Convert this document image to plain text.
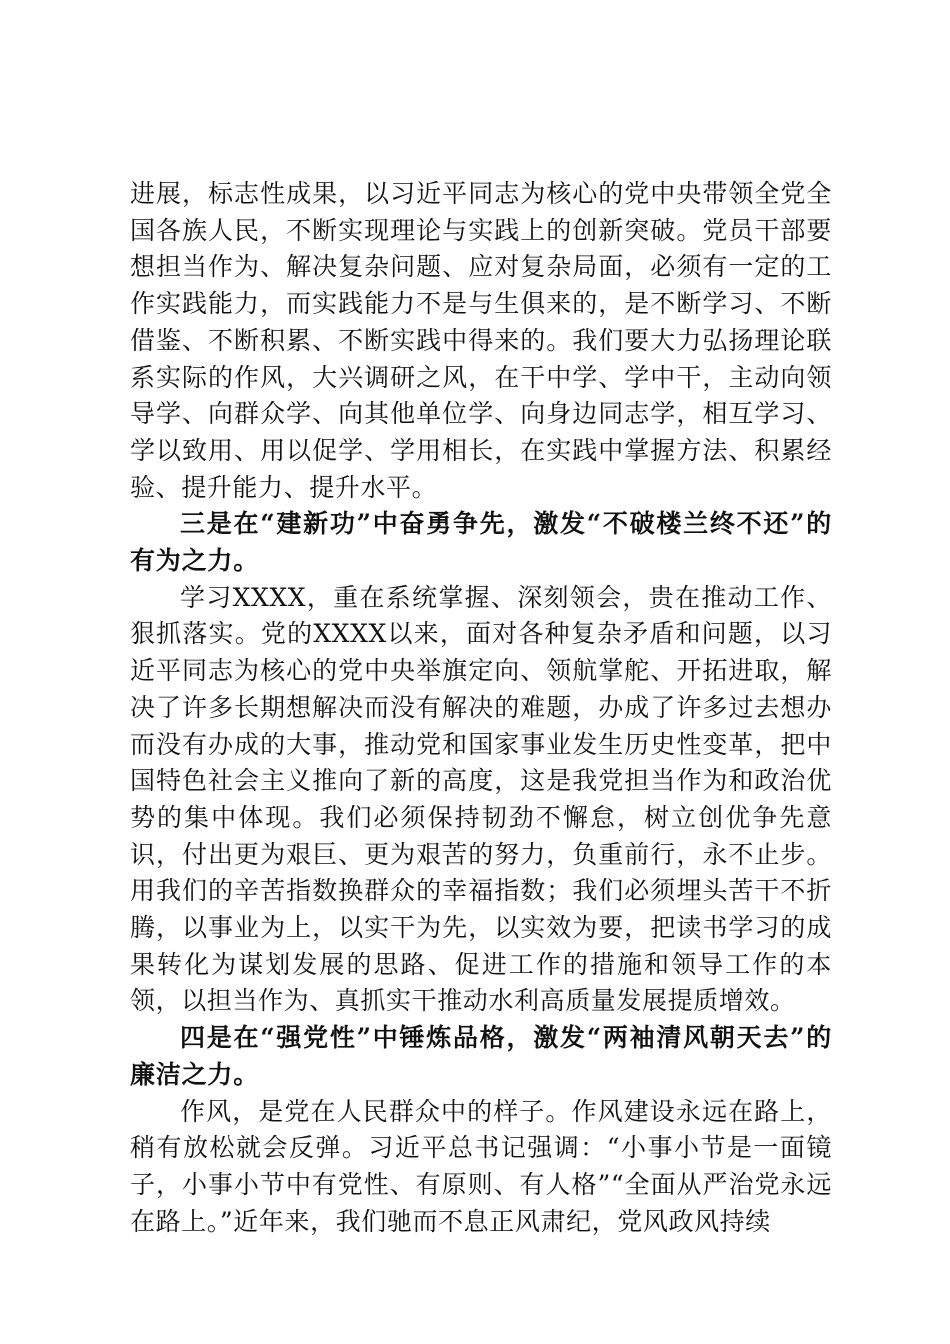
进展，标志性成果，以习近平同志为核心的党中央带领全党全国各族人民，不断实现理论与实践上的创新突破。党员干部要想担当作为、解决复杂问题、应对复杂局面，必须有一定的工作实践能力，而实践能力不是与生俱来的，是不断学习、不断借鉴、不断积累、不断实践中得来的。我们要大力弘扬理论联系实际的作风，大兴调研之风，在干中学、学中干，主动向领导学、向群众学、向其他单位学、向身边同志学，相互学习、学以致用、用以促学、学用相长，在实践中掌握方法、积累经验、提升能力、提升水平。

三是在“建新功”中奋勇争先，激发“不破楼兰终不还”的有为之力。

学习XXXX，重在系统掌握、深刻领会，贵在推动工作、狠抓落实。党的XXXX以来，面对各种复杂矛盾和问题，以习近平同志为核心的党中央举旗定向、领航掌舵、开拓进取，解决了许多长期想解决而没有解决的难题，办成了许多过去想办而没有办成的大事，推动党和国家事业发生历史性变革，把中国特色社会主义推向了新的高度，这是我党担当作为和政治优势的集中体现。我们必须保持韧劲不懈怠，树立创优争先意识，付出更为艰巨、更为艰苦的努力，负重前行，永不止步。用我们的辛苦指数换群众的幸福指数；我们必须埋头苦干不折腾，以事业为上，以实干为先，以实效为要，把读书学习的成果转化为谋划发展的思路、促进工作的措施和领导工作的本领，以担当作为、真抓实干推动水利高质量发展提质增效。

四是在“强党性”中锤炼品格，激发“两袖清风朝天去”的廉洁之力。

作风，是党在人民群众中的样子。作风建设永远在路上，稍有放松就会反弹。习近平总书记强调：“小事小节是一面镜子，小事小节中有党性、有原则、有人格”“全面从严治党永远在路上。”近年来，我们驰而不息正风肃纪，党风政风持续
